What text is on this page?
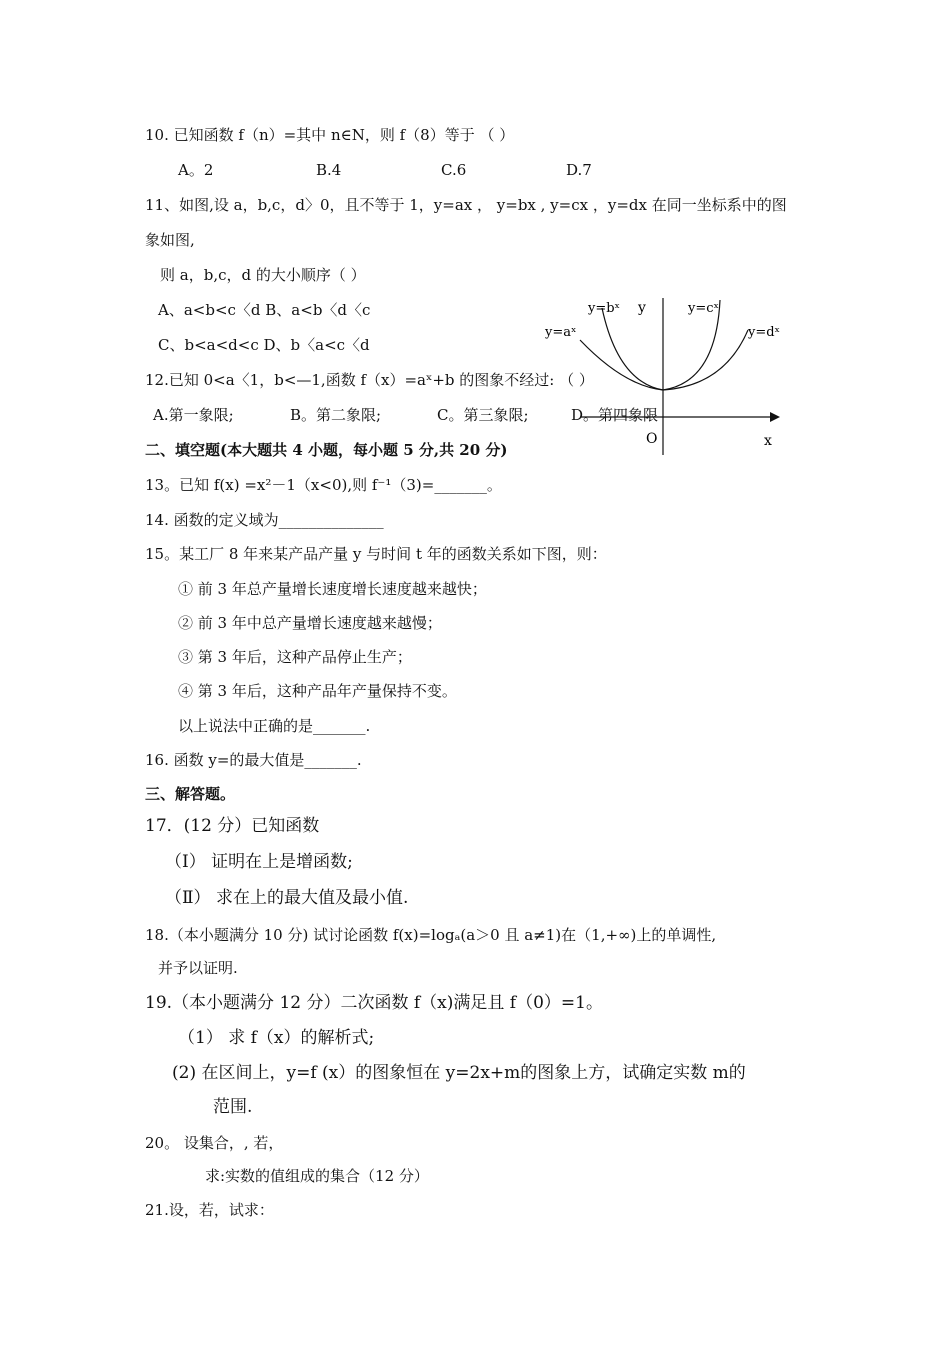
10. 已知函数 f（n）=其中 n∈N，则 f（8）等于 （ ）
A。2	B.4	C.6	D.7
11、如图,设 a，b,c，d〉0，且不等于 1，y=ax ， y=bx , y=cx ，y=dx 在同一坐标系中的图
象如图,
则 a，b,c，d 的大小顺序（ ）
A、a<b<c〈d B、a<b〈d〈c
C、b<a<d<c D、b〈a<c〈d
y=bˣ y	y=cˣ
y=aˣ	y=dˣ
O	x
12.已知 0<a〈1，b<—1,函数 f（x）=aˣ+b 的图象不经过: （ ）
A.第一象限;	B。第二象限;	C。第三象限;	D。第四象限
二、填空题(本大题共 4 小题，每小题 5 分,共 20 分)
13。已知 f(x) =x²－1（x<0),则 f⁻¹（3)=_______。
14. 函数的定义域为______________
15。某工厂 8 年来某产品产量 y 与时间 t 年的函数关系如下图，则：
① 前 3 年总产量增长速度增长速度越来越快；
② 前 3 年中总产量增长速度越来越慢；
③ 第 3 年后，这种产品停止生产；
④ 第 3 年后，这种产品年产量保持不变。
以上说法中正确的是_______.
16. 函数 y=的最大值是_______.
三、解答题。
17．(12 分）已知函数
（Ⅰ） 证明在上是增函数;
（Ⅱ） 求在上的最大值及最小值.
18.（本小题满分 10 分) 试讨论函数 f(x)=logₐ(a＞0 且 a≠1)在（1,+∞)上的单调性,
并予以证明.
19.（本小题满分 12 分）二次函数 f（x)满足且 f（0）=1。
（1） 求 f（x）的解析式;
(2) 在区间上，y=f (x）的图象恒在 y=2x+m的图象上方，试确定实数 m的
范围.
20。 设集合，, 若，
求:实数的值组成的集合（12 分）
21.设，若，试求：
